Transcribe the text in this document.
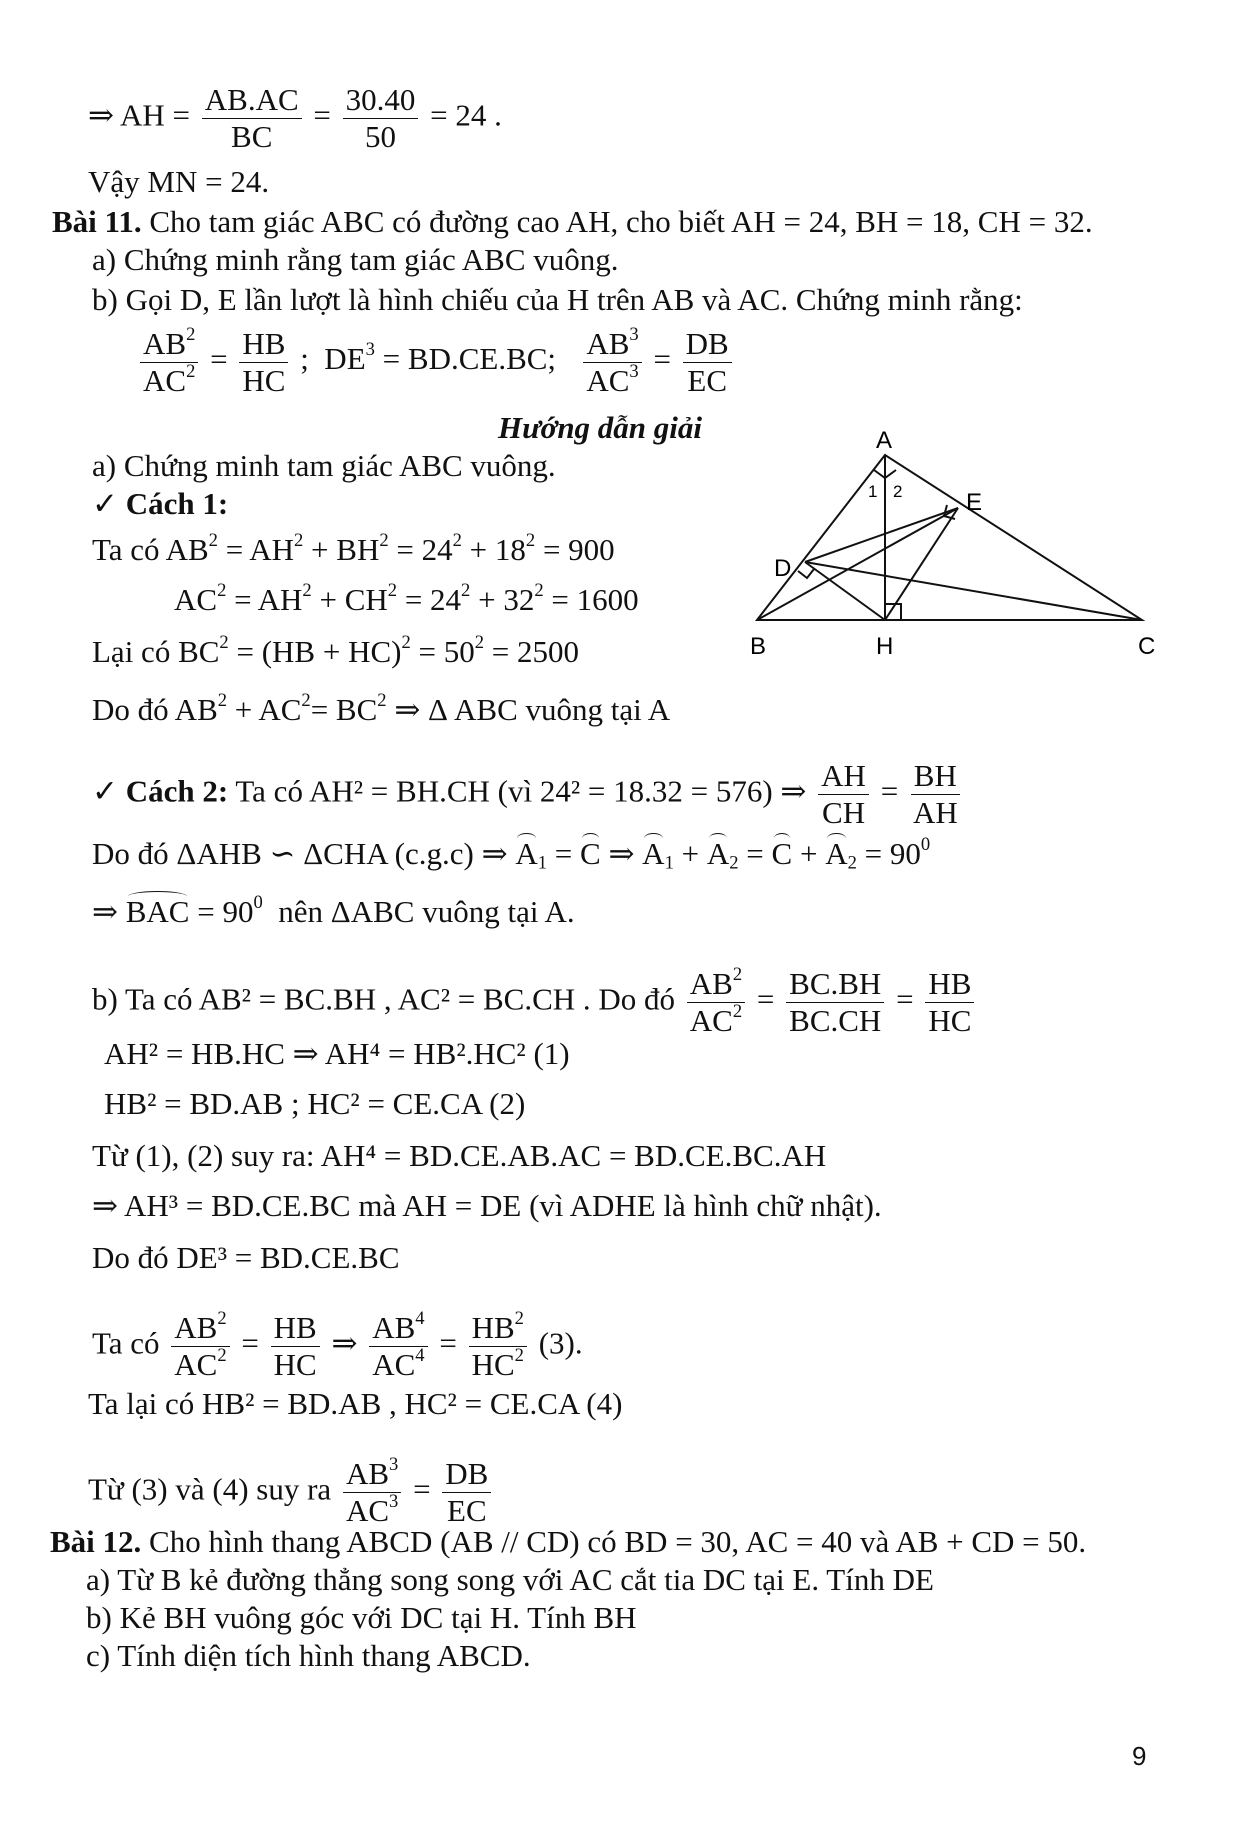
⇒ AH = $\frac{AB.AC}{BC} = \frac{30.40}{50} = 24$ .
Vậy MN = 24.
Bài 11. Cho tam giác ABC có đường cao AH, cho biết AH = 24, BH = 18, CH = 32.
a) Chứng minh rằng tam giác ABC vuông.
b) Gọi D, E lần lượt là hình chiếu của H trên AB và AC. Chứng minh rằng:
$\frac{AB^2}{AC^2} = \frac{HB}{HC}$ ;  $DE^3 = BD.CE.BC$; $\frac{AB^3}{AC^3} = \frac{DB}{EC}$
Hướng dẫn giải
a) Chứng minh tam giác ABC vuông.
✓ Cách 1:
Ta có $AB^2 = AH^2 + BH^2 = 24^2 + 18^2 = 900$
$AC^2 = AH^2 + CH^2 = 24^2 + 32^2 = 1600$
Lại có $BC^2 = (HB + HC)^2 = 50^2 = 2500$
Do đó $AB^2 + AC^2= BC^2$ ⇒ Δ ABC vuông tại A
✓ Cách 2: Ta có AH² = BH.CH (vì 24² = 18.32 = 576) ⇒ $\frac{AH}{CH} = \frac{BH}{AH}$
Do đó ΔAHB ∽ ΔCHA (c.g.c) ⇒ $A_1 = C$ ⇒ $A_1 + A_2 = C + A_2 = 90^0$
⇒ BAC = $90^0$ nên ΔABC vuông tại A.
b) Ta có AB² = BC.BH , AC² = BC.CH . Do đó $\frac{AB^2}{AC^2} = \frac{BC.BH}{BC.CH} = \frac{HB}{HC}$
AH² = HB.HC ⇒ AH⁴ = HB².HC² (1)
HB² = BD.AB ; HC² = CE.CA (2)
Từ (1), (2) suy ra: AH⁴ = BD.CE.AB.AC = BD.CE.BC.AH
⇒ AH³ = BD.CE.BC mà AH = DE (vì ADHE là hình chữ nhật).
Do đó DE³ = BD.CE.BC
Ta có $\frac{AB^2}{AC^2} = \frac{HB}{HC}$ ⇒ $\frac{AB^4}{AC^4} = \frac{HB^2}{HC^2} (3)$.
Ta lại có HB² = BD.AB , HC² = CE.CA (4)
Từ (3) và (4) suy ra $\frac{AB^3}{AC^3} = \frac{DB}{EC}$
Bài 12. Cho hình thang ABCD (AB // CD) có BD = 30, AC = 40 và AB + CD = 50.
a) Từ B kẻ đường thẳng song song với AC cắt tia DC tại E. Tính DE
b) Kẻ BH vuông góc với DC tại H. Tính BH
c) Tính diện tích hình thang ABCD.
9
A
B	C
D
E
H
1 2
